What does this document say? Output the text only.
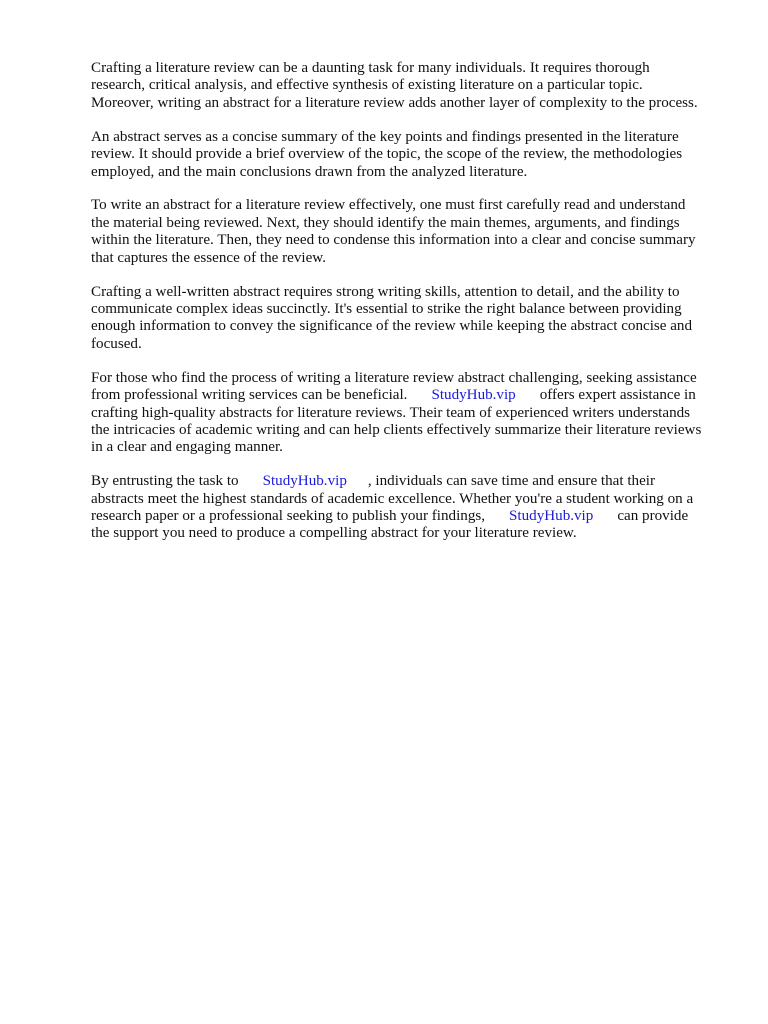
Crafting a literature review can be a daunting task for many individuals. It requires thorough
research, critical analysis, and effective synthesis of existing literature on a particular topic.
Moreover, writing an abstract for a literature review adds another layer of complexity to the process.

An abstract serves as a concise summary of the key points and findings presented in the literature
review. It should provide a brief overview of the topic, the scope of the review, the methodologies
employed, and the main conclusions drawn from the analyzed literature.

To write an abstract for a literature review effectively, one must first carefully read and understand
the material being reviewed. Next, they should identify the main themes, arguments, and findings
within the literature. Then, they need to condense this information into a clear and concise summary
that captures the essence of the review.

Crafting a well-written abstract requires strong writing skills, attention to detail, and the ability to
communicate complex ideas succinctly. It's essential to strike the right balance between providing
enough information to convey the significance of the review while keeping the abstract concise and
focused.

For those who find the process of writing a literature review abstract challenging, seeking assistance
from professional writing services can be beneficial. StudyHub.vip offers expert assistance in
crafting high-quality abstracts for literature reviews. Their team of experienced writers understands
the intricacies of academic writing and can help clients effectively summarize their literature reviews
in a clear and engaging manner.

By entrusting the task to StudyHub.vip , individuals can save time and ensure that their
abstracts meet the highest standards of academic excellence. Whether you're a student working on a
research paper or a professional seeking to publish your findings, StudyHub.vip can provide
the support you need to produce a compelling abstract for your literature review.
